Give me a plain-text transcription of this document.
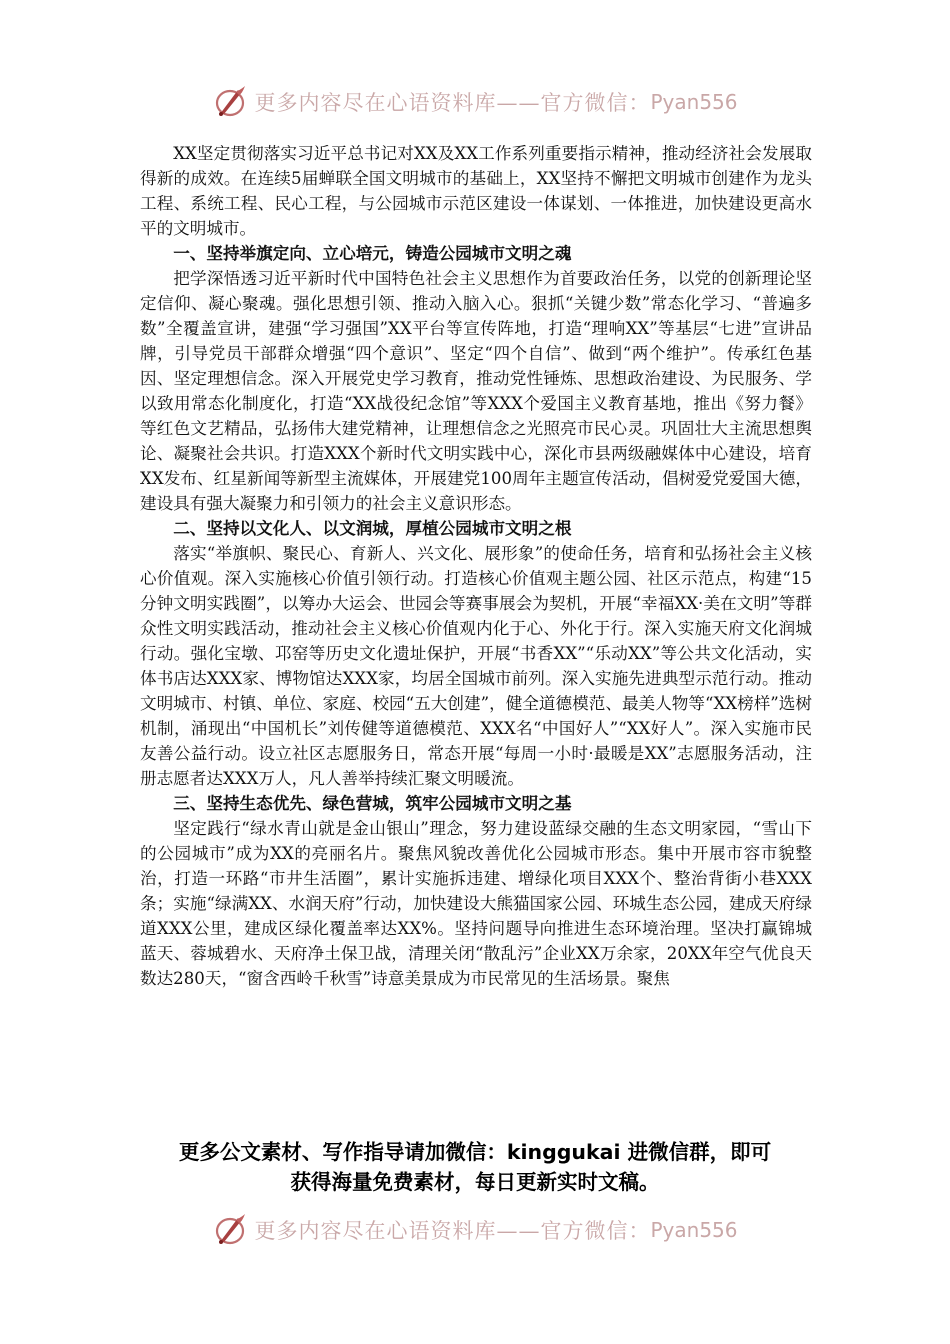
更多内容尽在心语资料库——官方微信： Pyan556

XX坚定贯彻落实习近平总书记对XX及XX工作系列重要指示精神，推动经济社会发展取得新的成效。在连续5届蝉联全国文明城市的基础上，XX坚持不懈把文明城市创建作为龙头工程、系统工程、民心工程，与公园城市示范区建设一体谋划、一体推进，加快建设更高水平的文明城市。

一、坚持举旗定向、立心培元，铸造公园城市文明之魂

把学深悟透习近平新时代中国特色社会主义思想作为首要政治任务，以党的创新理论坚定信仰、凝心聚魂。强化思想引领、推动入脑入心。狠抓“关键少数”常态化学习、“普遍多数”全覆盖宣讲，建强“学习强国”XX平台等宣传阵地，打造“理响XX”等基层“七进”宣讲品牌，引导党员干部群众增强“四个意识”、坚定“四个自信”、做到“两个维护”。传承红色基因、坚定理想信念。深入开展党史学习教育，推动党性锤炼、思想政治建设、为民服务、学以致用常态化制度化，打造“XX战役纪念馆”等XXX个爱国主义教育基地，推出《努力餐》等红色文艺精品，弘扬伟大建党精神，让理想信念之光照亮市民心灵。巩固壮大主流思想舆论、凝聚社会共识。打造XXX个新时代文明实践中心，深化市县两级融媒体中心建设，培育XX发布、红星新闻等新型主流媒体，开展建党100周年主题宣传活动，倡树爱党爱国大德，建设具有强大凝聚力和引领力的社会主义意识形态。

二、坚持以文化人、以文润城，厚植公园城市文明之根

落实“举旗帜、聚民心、育新人、兴文化、展形象”的使命任务，培育和弘扬社会主义核心价值观。深入实施核心价值引领行动。打造核心价值观主题公园、社区示范点，构建“15分钟文明实践圈”，以筹办大运会、世园会等赛事展会为契机，开展“幸福XX·美在文明”等群众性文明实践活动，推动社会主义核心价值观内化于心、外化于行。深入实施天府文化润城行动。强化宝墩、邛窑等历史文化遗址保护，开展“书香XX”“乐动XX”等公共文化活动，实体书店达XXX家、博物馆达XXX家，均居全国城市前列。深入实施先进典型示范行动。推动文明城市、村镇、单位、家庭、校园“五大创建”，健全道德模范、最美人物等“XX榜样”选树机制，涌现出“中国机长”刘传健等道德模范、XXX名“中国好人”“XX好人”。深入实施市民友善公益行动。设立社区志愿服务日，常态开展“每周一小时·最暖是XX”志愿服务活动，注册志愿者达XXX万人，凡人善举持续汇聚文明暖流。

三、坚持生态优先、绿色营城，筑牢公园城市文明之基

坚定践行“绿水青山就是金山银山”理念，努力建设蓝绿交融的生态文明家园，“雪山下的公园城市”成为XX的亮丽名片。聚焦风貌改善优化公园城市形态。集中开展市容市貌整治，打造一环路“市井生活圈”，累计实施拆违建、增绿化项目XXX个、整治背街小巷XXX条；实施“绿满XX、水润天府”行动，加快建设大熊猫国家公园、环城生态公园，建成天府绿道XXX公里，建成区绿化覆盖率达XX%。坚持问题导向推进生态环境治理。坚决打赢锦城蓝天、蓉城碧水、天府净土保卫战，清理关闭“散乱污”企业XX万余家，20XX年空气优良天数达280天，“窗含西岭千秋雪”诗意美景成为市民常见的生活场景。聚焦

更多公文素材、写作指导请加微信：kinggukai 进微信群，即可
获得海量免费素材，每日更新实时文稿。
更多内容尽在心语资料库——官方微信： Pyan556
